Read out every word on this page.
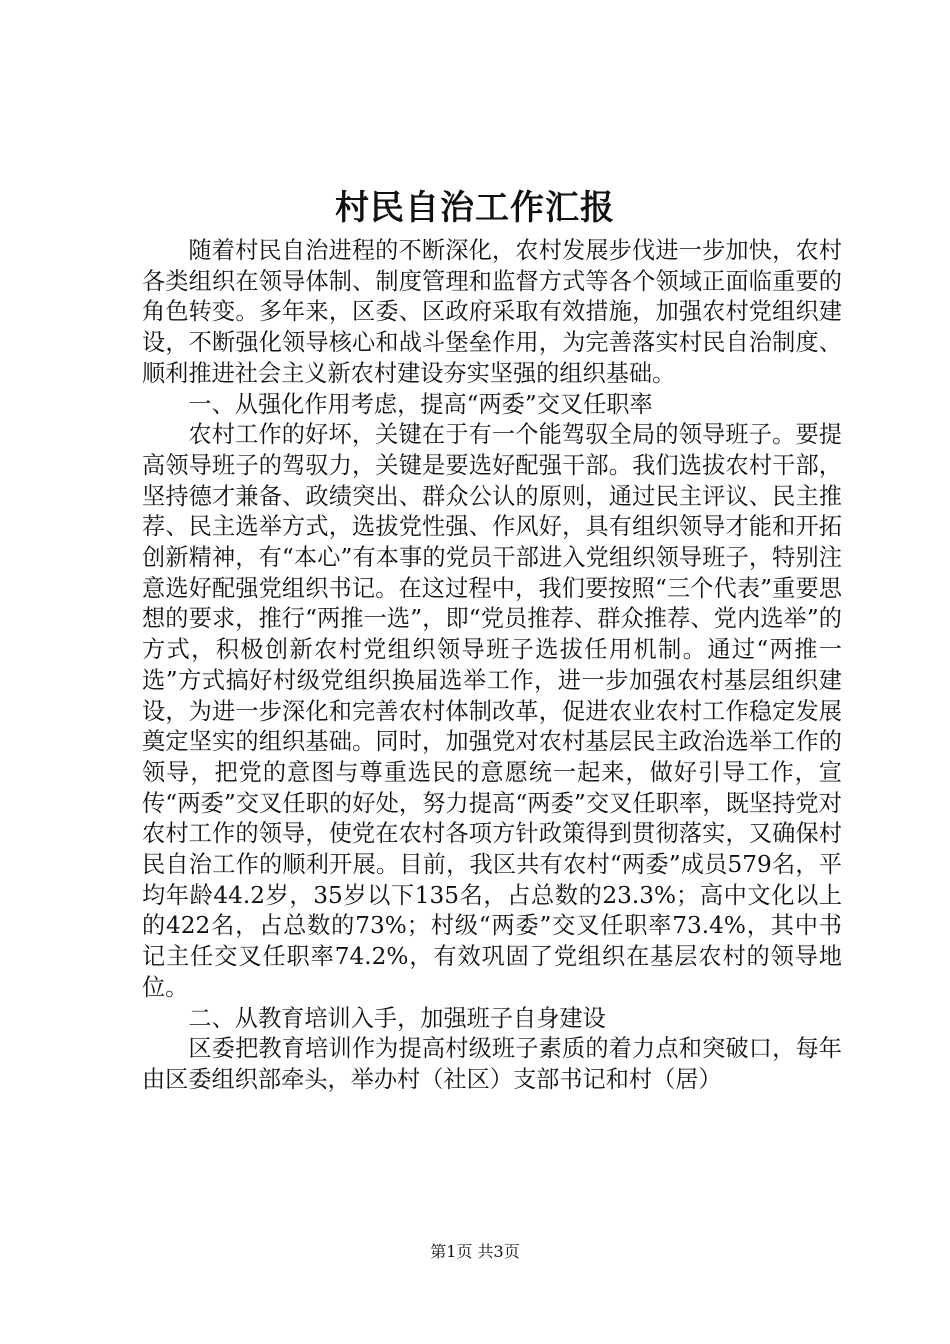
村民自治工作汇报

随着村民自治进程的不断深化，农村发展步伐进一步加快，农村各类组织在领导体制、制度管理和监督方式等各个领域正面临重要的角色转变。多年来，区委、区政府采取有效措施，加强农村党组织建设，不断强化领导核心和战斗堡垒作用，为完善落实村民自治制度、顺利推进社会主义新农村建设夯实坚强的组织基础。

一、从强化作用考虑，提高“两委”交叉任职率

农村工作的好坏，关键在于有一个能驾驭全局的领导班子。要提高领导班子的驾驭力，关键是要选好配强干部。我们选拔农村干部，坚持德才兼备、政绩突出、群众公认的原则，通过民主评议、民主推荐、民主选举方式，选拔党性强、作风好，具有组织领导才能和开拓创新精神，有“本心”有本事的党员干部进入党组织领导班子，特别注意选好配强党组织书记。在这过程中，我们要按照“三个代表”重要思想的要求，推行“两推一选”，即“党员推荐、群众推荐、党内选举”的方式，积极创新农村党组织领导班子选拔任用机制。通过“两推一选”方式搞好村级党组织换届选举工作，进一步加强农村基层组织建设，为进一步深化和完善农村体制改革，促进农业农村工作稳定发展奠定坚实的组织基础。同时，加强党对农村基层民主政治选举工作的领导，把党的意图与尊重选民的意愿统一起来，做好引导工作，宣传“两委”交叉任职的好处，努力提高“两委”交叉任职率，既坚持党对农村工作的领导，使党在农村各项方针政策得到贯彻落实，又确保村民自治工作的顺利开展。目前，我区共有农村“两委”成员579名，平均年龄44.2岁，35岁以下135名，占总数的23.3%；高中文化以上的422名，占总数的73%；村级“两委”交叉任职率73.4%，其中书记主任交叉任职率74.2%，有效巩固了党组织在基层农村的领导地位。

二、从教育培训入手，加强班子自身建设

区委把教育培训作为提高村级班子素质的着力点和突破口，每年由区委组织部牵头，举办村（社区）支部书记和村（居）

第1页 共3页
